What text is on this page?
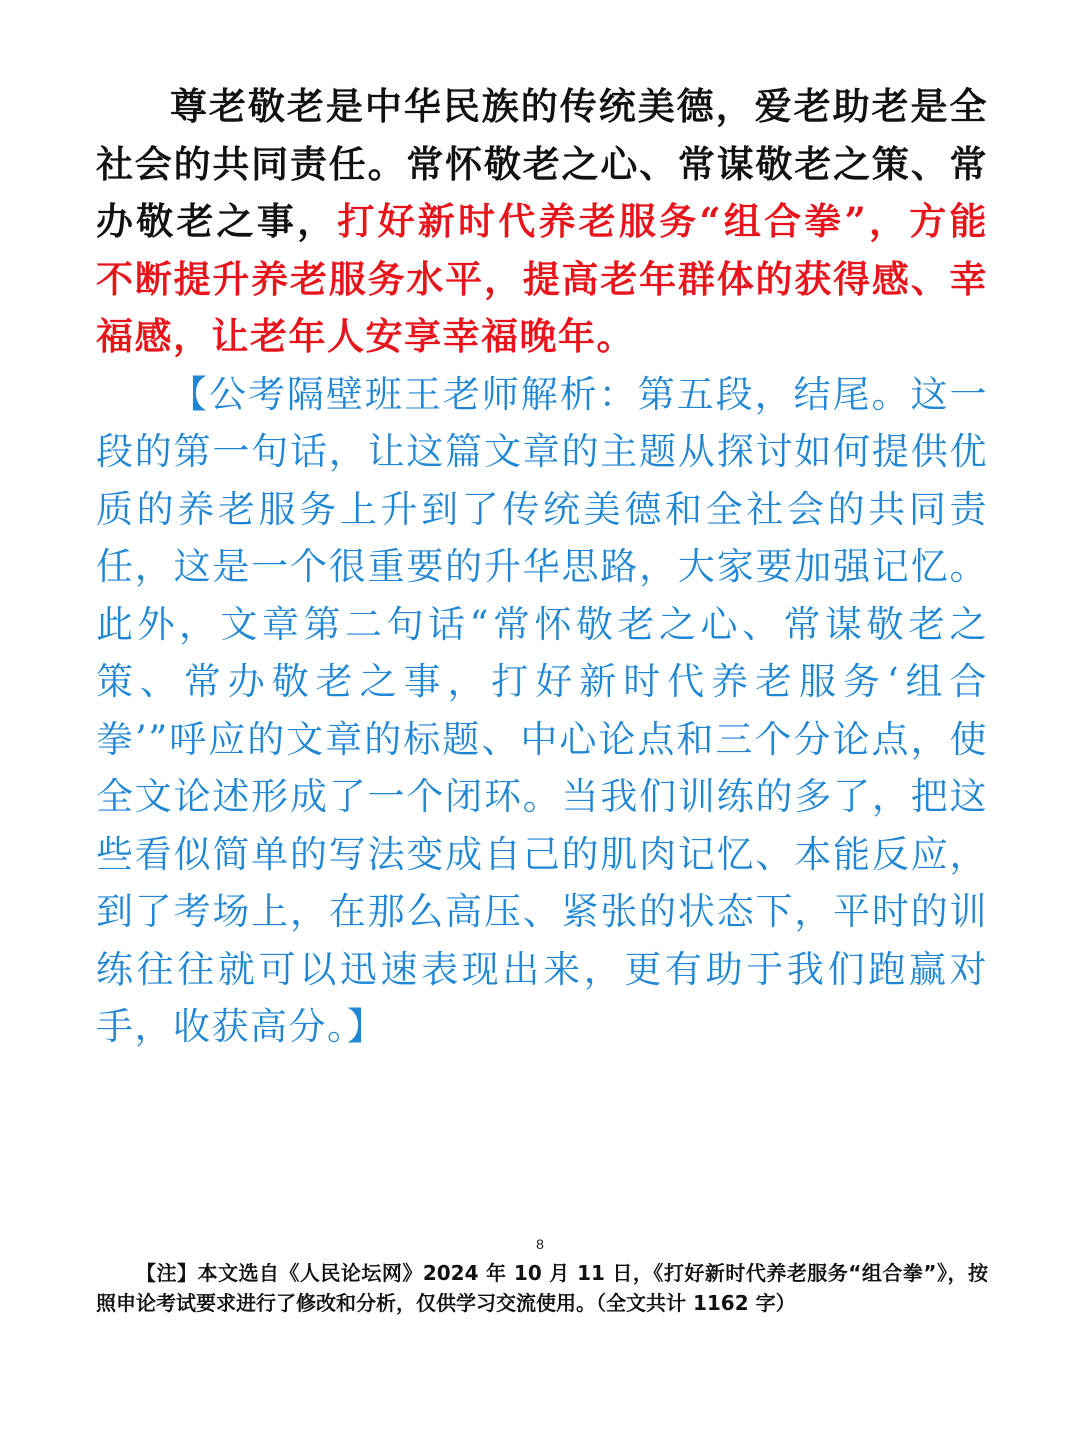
尊老敬老是中华民族的传统美德，爱老助老是全社会的共同责任。常怀敬老之心、常谋敬老之策、常办敬老之事，打好新时代养老服务“组合拳”，方能不断提升养老服务水平，提高老年群体的获得感、幸福感，让老年人安享幸福晚年。

【公考隔壁班王老师解析：第五段，结尾。这一段的第一句话，让这篇文章的主题从探讨如何提供优质的养老服务上升到了传统美德和全社会的共同责任，这是一个很重要的升华思路，大家要加强记忆。此外，文章第二句话“常怀敬老之心、常谋敬老之策、常办敬老之事，打好新时代养老服务‘组合拳’”呼应的文章的标题、中心论点和三个分论点，使全文论述形成了一个闭环。当我们训练的多了，把这些看似简单的写法变成自己的肌肉记忆、本能反应，到了考场上，在那么高压、紧张的状态下，平时的训练往往就可以迅速表现出来，更有助于我们跑赢对手，收获高分。】

8

【注】本文选自《人民论坛网》2024 年 10 月 11 日，《打好新时代养老服务“组合拳”》，按照申论考试要求进行了修改和分析，仅供学习交流使用。（全文共计 1162 字）
